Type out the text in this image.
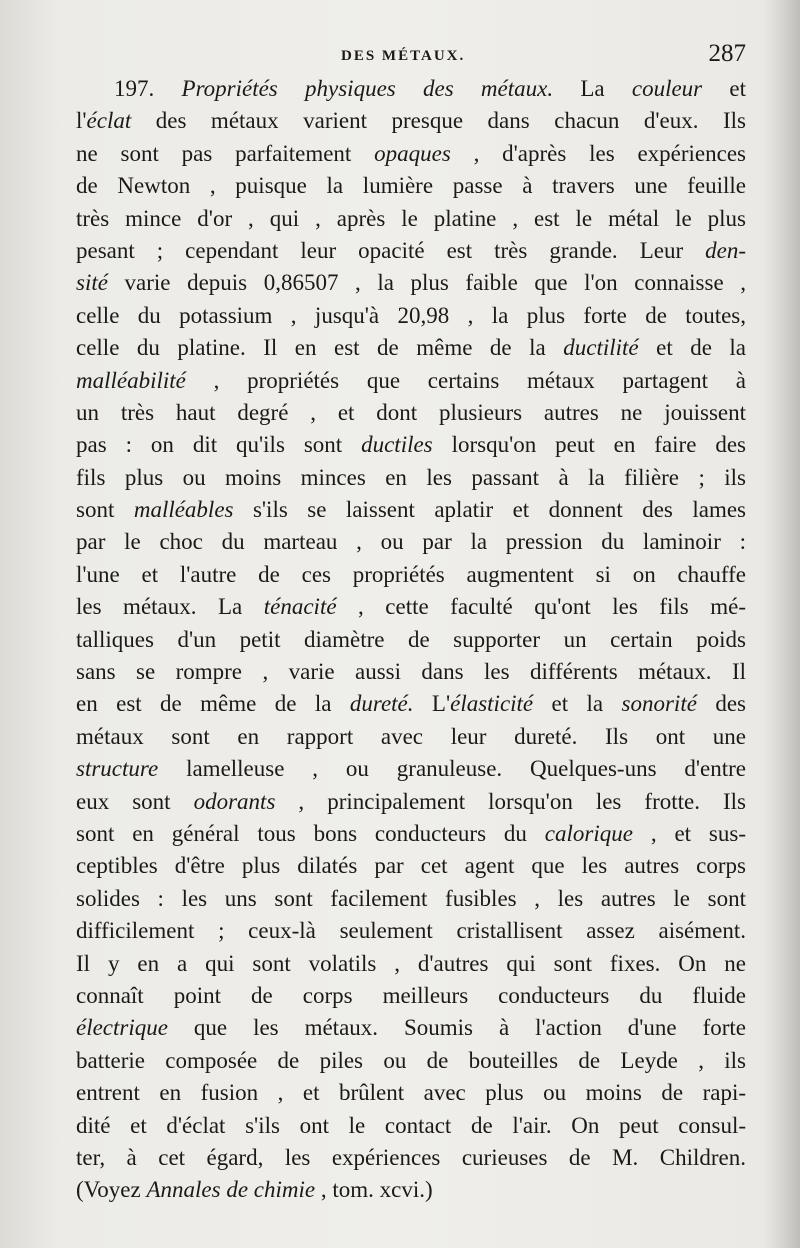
DES MÉTAUX.	287
197. Propriétés physiques des métaux. La couleur et
l'éclat des métaux varient presque dans chacun d'eux. Ils
ne sont pas parfaitement opaques , d'après les expériences
de Newton , puisque la lumière passe à travers une feuille
très mince d'or , qui , après le platine , est le métal le plus
pesant ; cependant leur opacité est très grande. Leur den-
sité varie depuis 0,86507 , la plus faible que l'on connaisse ,
celle du potassium , jusqu'à 20,98 , la plus forte de toutes,
celle du platine. Il en est de même de la ductilité et de la
malléabilité , propriétés que certains métaux partagent à
un très haut degré , et dont plusieurs autres ne jouissent
pas : on dit qu'ils sont ductiles lorsqu'on peut en faire des
fils plus ou moins minces en les passant à la filière ; ils
sont malléables s'ils se laissent aplatir et donnent des lames
par le choc du marteau , ou par la pression du laminoir :
l'une et l'autre de ces propriétés augmentent si on chauffe
les métaux. La ténacité , cette faculté qu'ont les fils mé-
talliques d'un petit diamètre de supporter un certain poids
sans se rompre , varie aussi dans les différents métaux. Il
en est de même de la dureté. L'élasticité et la sonorité des
métaux sont en rapport avec leur dureté. Ils ont une
structure lamelleuse , ou granuleuse. Quelques-uns d'entre
eux sont odorants , principalement lorsqu'on les frotte. Ils
sont en général tous bons conducteurs du calorique , et sus-
ceptibles d'être plus dilatés par cet agent que les autres corps
solides : les uns sont facilement fusibles , les autres le sont
difficilement ; ceux-là seulement cristallisent assez aisément.
Il y en a qui sont volatils , d'autres qui sont fixes. On ne
connaît point de corps meilleurs conducteurs du fluide
électrique que les métaux. Soumis à l'action d'une forte
batterie composée de piles ou de bouteilles de Leyde , ils
entrent en fusion , et brûlent avec plus ou moins de rapi-
dité et d'éclat s'ils ont le contact de l'air. On peut consul-
ter, à cet égard, les expériences curieuses de M. Children.
(Voyez Annales de chimie , tom. xcvi.)
